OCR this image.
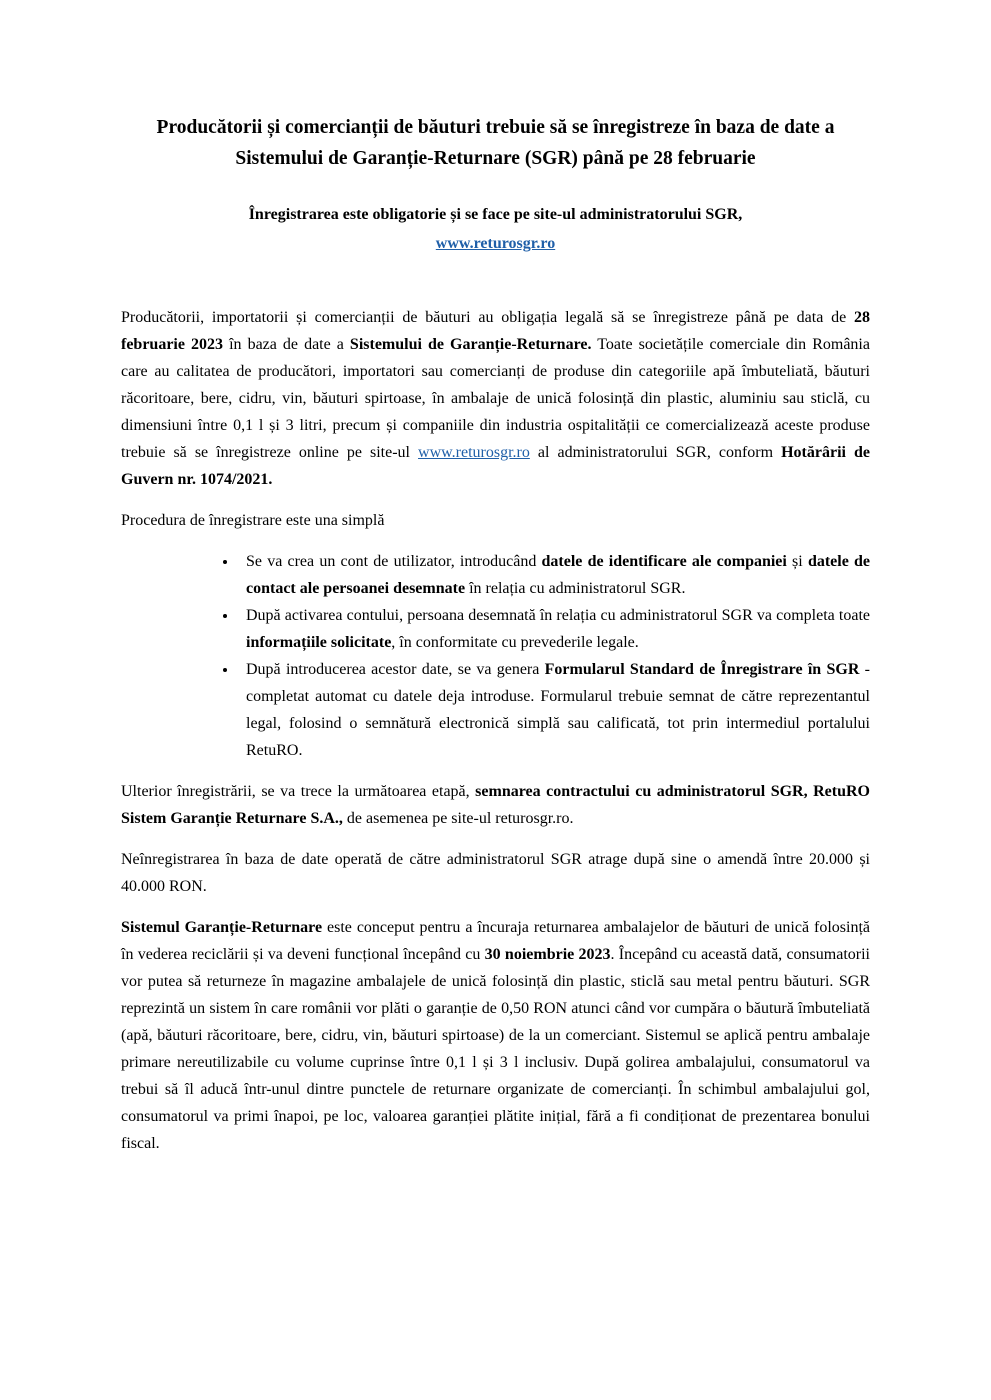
Producătorii și comercianții de băuturi trebuie să se înregistreze în baza de date a Sistemului de Garanție-Returnare (SGR) până pe 28 februarie
Înregistrarea este obligatorie și se face pe site-ul administratorului SGR,
www.returosgr.ro

Producătorii, importatorii și comercianții de băuturi au obligația legală să se înregistreze până pe data de 28 februarie 2023 în baza de date a Sistemului de Garanție-Returnare. Toate societățile comerciale din România care au calitatea de producători, importatori sau comercianți de produse din categoriile apă îmbuteliată, băuturi răcoritoare, bere, cidru, vin, băuturi spirtoase, în ambalaje de unică folosință din plastic, aluminiu sau sticlă, cu dimensiuni între 0,1 l și 3 litri, precum și companiile din industria ospitalității ce comercializează aceste produse trebuie să se înregistreze online pe site-ul www.returosgr.ro al administratorului SGR, conform Hotărârii de Guvern nr. 1074/2021.

Procedura de înregistrare este una simplă

• Se va crea un cont de utilizator, introducând datele de identificare ale companiei și datele de contact ale persoanei desemnate în relația cu administratorul SGR.
• După activarea contului, persoana desemnată în relația cu administratorul SGR va completa toate informațiile solicitate, în conformitate cu prevederile legale.
• După introducerea acestor date, se va genera Formularul Standard de Înregistrare în SGR - completat automat cu datele deja introduse. Formularul trebuie semnat de către reprezentantul legal, folosind o semnătură electronică simplă sau calificată, tot prin intermediul portalului RetuRO.

Ulterior înregistrării, se va trece la următoarea etapă, semnarea contractului cu administratorul SGR, RetuRO Sistem Garanție Returnare S.A., de asemenea pe site-ul returosgr.ro.

Neînregistrarea în baza de date operată de către administratorul SGR atrage după sine o amendă între 20.000 și 40.000 RON.

Sistemul Garanție-Returnare este conceput pentru a încuraja returnarea ambalajelor de băuturi de unică folosință în vederea reciclării și va deveni funcțional începând cu 30 noiembrie 2023. Începând cu această dată, consumatorii vor putea să returneze în magazine ambalajele de unică folosință din plastic, sticlă sau metal pentru băuturi. SGR reprezintă un sistem în care românii vor plăti o garanție de 0,50 RON atunci când vor cumpăra o băutură îmbuteliată (apă, băuturi răcoritoare, bere, cidru, vin, băuturi spirtoase) de la un comerciant. Sistemul se aplică pentru ambalaje primare nereutilizabile cu volume cuprinse între 0,1 l și 3 l inclusiv. După golirea ambalajului, consumatorul va trebui să îl aducă într-unul dintre punctele de returnare organizate de comercianți. În schimbul ambalajului gol, consumatorul va primi înapoi, pe loc, valoarea garanției plătite inițial, fără a fi condiționat de prezentarea bonului fiscal.
